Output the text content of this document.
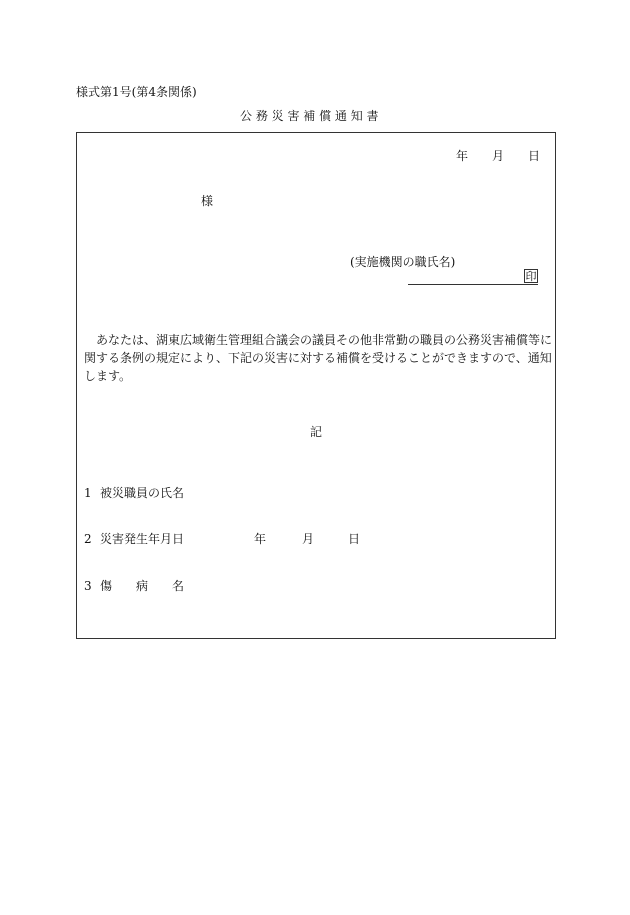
様式第1号(第4条関係)
公 務 災 害 補 償 通 知 書
年 月 日
様
(実施機関の職氏名)
印
あなたは、湖東広域衛生管理組合議会の議員その他非常勤の職員の公務災害補償等に関する条例の規定により、下記の災害に対する補償を受けることができますので、通知します。
記
1 被災職員の氏名
2 災害発生年月日	年	月	日
3 傷　　病　　名
